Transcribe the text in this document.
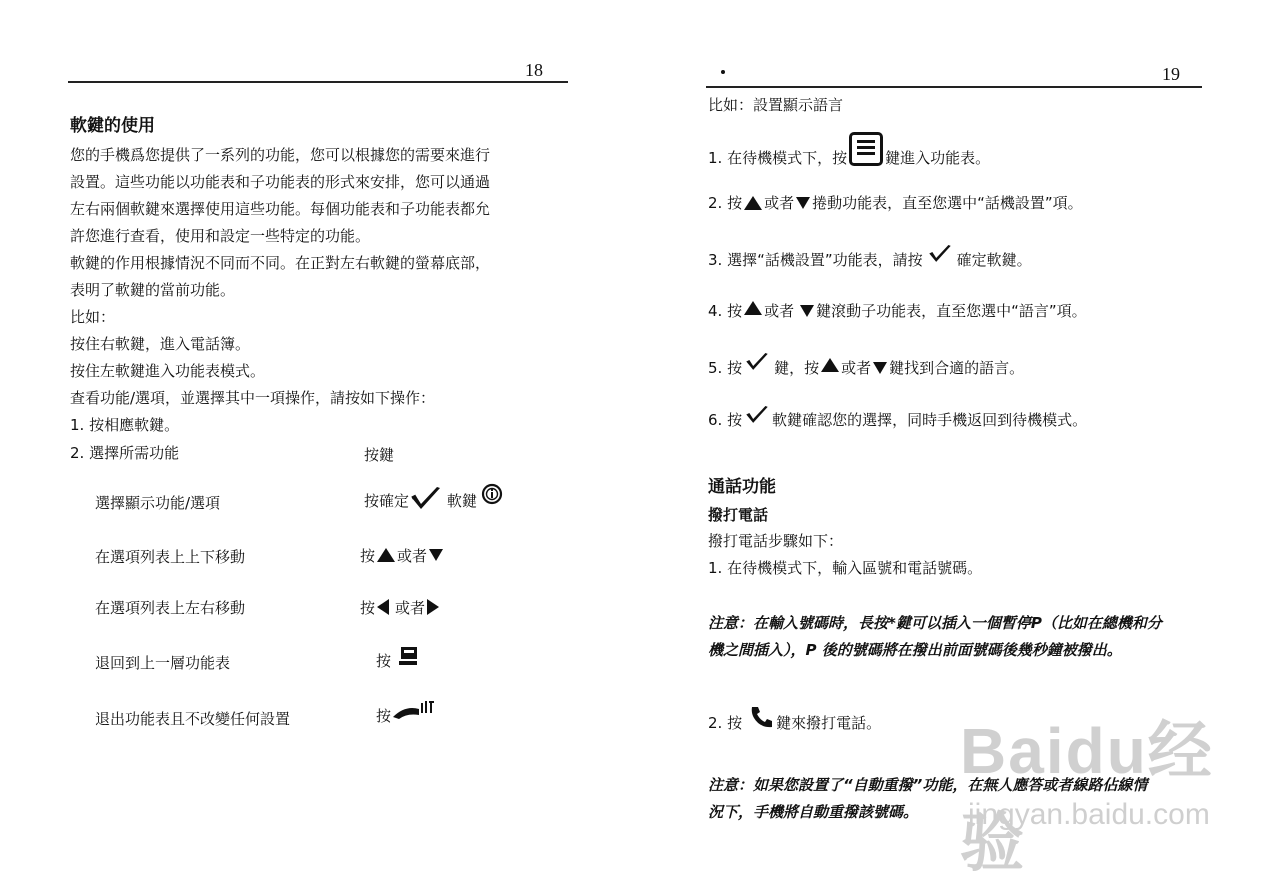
18
軟鍵的使用
您的手機爲您提供了一系列的功能，您可以根據您的需要來進行
設置。這些功能以功能表和子功能表的形式來安排，您可以通過
左右兩個軟鍵來選擇使用這些功能。每個功能表和子功能表都允
許您進行查看，使用和設定一些特定的功能。
軟鍵的作用根據情況不同而不同。在正對左右軟鍵的螢幕底部，
表明了軟鍵的當前功能。
比如：
按住右軟鍵，進入電話簿。
按住左軟鍵進入功能表模式。
查看功能/選項，並選擇其中一項操作，請按如下操作：
1. 按相應軟鍵。
2. 選擇所需功能	按鍵
選擇顯示功能/選項	按確定	軟鍵
在選項列表上上下移動	按 或者
在選項列表上左右移動	按 或者
退回到上一層功能表	按
退出功能表且不改變任何設置	按
19
比如：設置顯示語言
1. 在待機模式下，按	鍵進入功能表。
2. 按 或者 捲動功能表，直至您選中“話機設置”項。
3. 選擇“話機設置”功能表，請按 確定軟鍵。
4. 按 或者 鍵滾動子功能表，直至您選中“語言”項。
5. 按 鍵，按 或者 鍵找到合適的語言。
6. 按 軟鍵確認您的選擇，同時手機返回到待機模式。
通話功能
撥打電話
撥打電話步驟如下：
1. 在待機模式下，輸入區號和電話號碼。
注意：在輸入號碼時，長按*鍵可以插入一個暫停P（比如在總機和分
機之間插入），P 後的號碼將在撥出前面號碼後幾秒鐘被撥出。
2. 按 鍵來撥打電話。
注意：如果您設置了“自動重撥”功能，在無人應答或者線路佔線情
況下，手機將自動重撥該號碼。
Baidu经验
jingyan.baidu.com
